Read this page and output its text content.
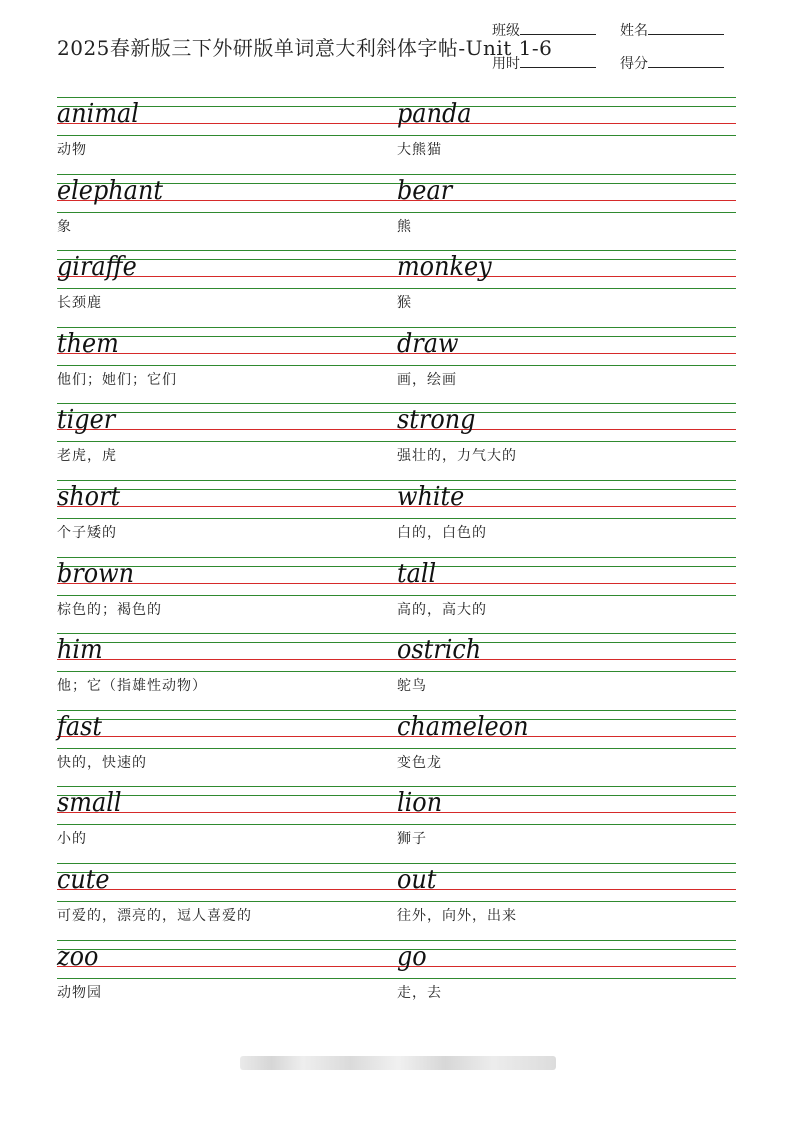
2025春新版三下外研版单词意大利斜体字帖-Unit 1-6
班级	姓名
用时	得分
animal
动物
panda
大熊猫
elephant
象
bear
熊
giraffe
长颈鹿
monkey
猴
them
他们；她们；它们
draw
画，绘画
tiger
老虎，虎
strong
强壮的，力气大的
short
个子矮的
white
白的，白色的
brown
棕色的；褐色的
tall
高的，高大的
him
他；它（指雄性动物）
ostrich
鸵鸟
fast
快的，快速的
chameleon
变色龙
small
小的
lion
狮子
cute
可爱的，漂亮的，逗人喜爱的
out
往外，向外，出来
zoo
动物园
go
走，去
